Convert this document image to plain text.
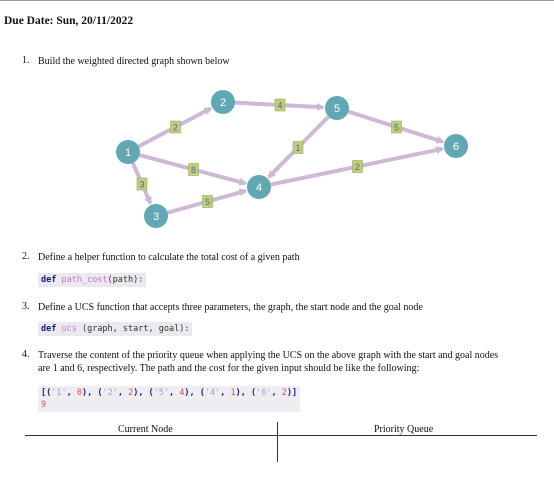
Due Date: Sun, 20/11/2022
1. Build the weighted directed graph shown below
2
4
5
1
8
3
5
2
1
2
3
4
5
6
2. Define a helper function to calculate the total cost of a given path
def path_cost(path):
3. Define a UCS function that accepts three parameters, the graph, the start node and the goal node
def ucs (graph, start, goal):
4. Traverse the content of the priority queue when applying the UCS on the above graph with the start and goal nodes
are 1 and 6, respectively. The path and the cost for the given input should be like the following:
[('1', 0), ('2', 2), ('5', 4), ('4', 1), ('6', 2)]
9
Current Node	Priority Queue
